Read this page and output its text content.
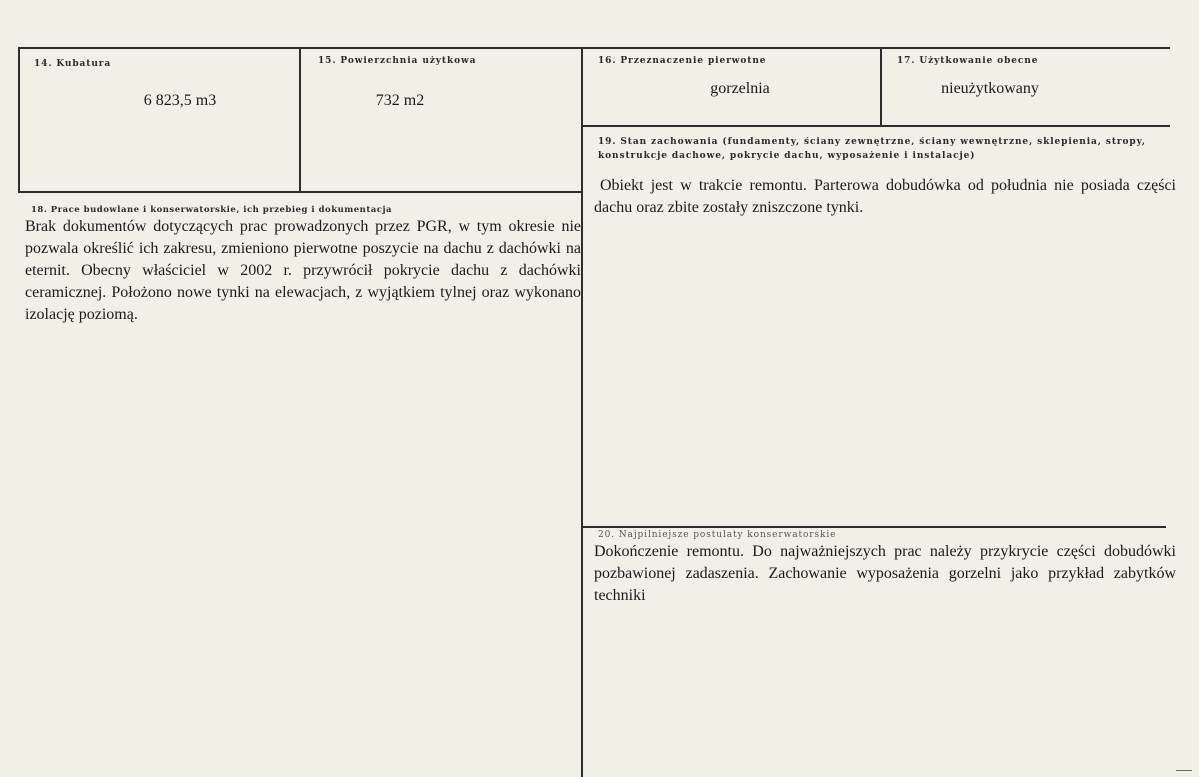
14. Kubatura
6 823,5 m3
15. Powierzchnia użytkowa
732 m2
16. Przeznaczenie pierwotne
gorzelnia
17. Użytkowanie obecne
nieużytkowany
19. Stan zachowania (fundamenty, ściany zewnętrzne, ściany wewnętrzne, sklepienia, stropy, konstrukcje dachowe, pokrycie dachu, wyposażenie i instalacje)
Obiekt jest w trakcie remontu. Parterowa dobudówka od południa nie posiada części dachu oraz zbite zostały zniszczone tynki.
18. Prace budowlane i konserwatorskie, ich przebieg i dokumentacja
Brak dokumentów dotyczących prac prowadzonych przez PGR, w tym okresie nie pozwala określić ich zakresu, zmieniono pierwotne poszycie na dachu z dachówki na eternit. Obecny właściciel w 2002 r. przywrócił pokrycie dachu z dachówki ceramicznej. Położono nowe tynki na elewacjach, z wyjątkiem tylnej oraz wykonano izolację poziomą.
20. Najpilniejsze postulaty konserwatorskie
Dokończenie remontu. Do najważniejszych prac należy przykrycie części dobudówki pozbawionej zadaszenia. Zachowanie wyposażenia gorzelni jako przykład zabytków techniki
